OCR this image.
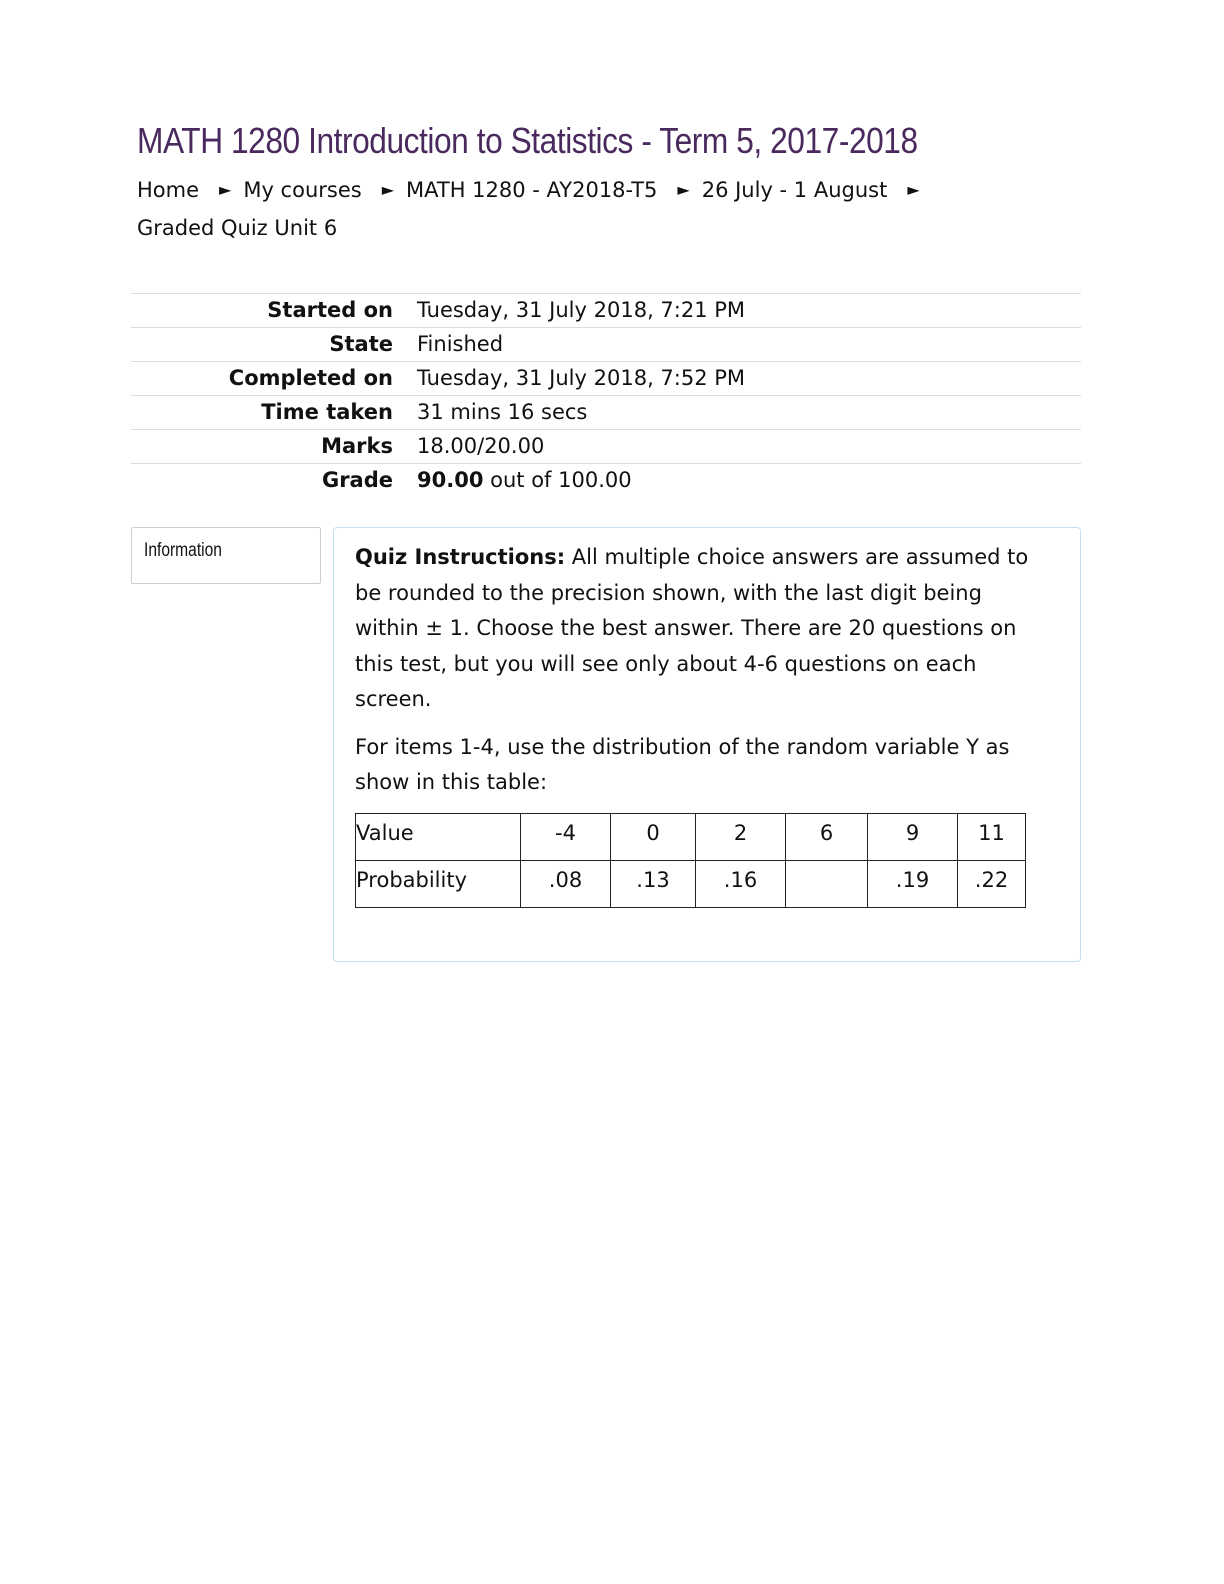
MATH 1280 Introduction to Statistics - Term 5, 2017-2018
Home ► My courses ► MATH 1280 - AY2018-T5 ► 26 July - 1 August ►
Graded Quiz Unit 6
Started on	Tuesday, 31 July 2018, 7:21 PM
State	Finished
Completed on	Tuesday, 31 July 2018, 7:52 PM
Time taken	31 mins 16 secs
Marks	18.00/20.00
Grade	90.00 out of 100.00
Information	Quiz Instructions: All multiple choice answers are assumed to be rounded to the precision shown, with the last digit being within ± 1. Choose the best answer. There are 20 questions on this test, but you will see only about 4-6 questions on each screen.

For items 1-4, use the distribution of the random variable Y as show in this table:

Value	-4	0	2	6	9	11
Probability	.08	.13	.16		.19	.22
